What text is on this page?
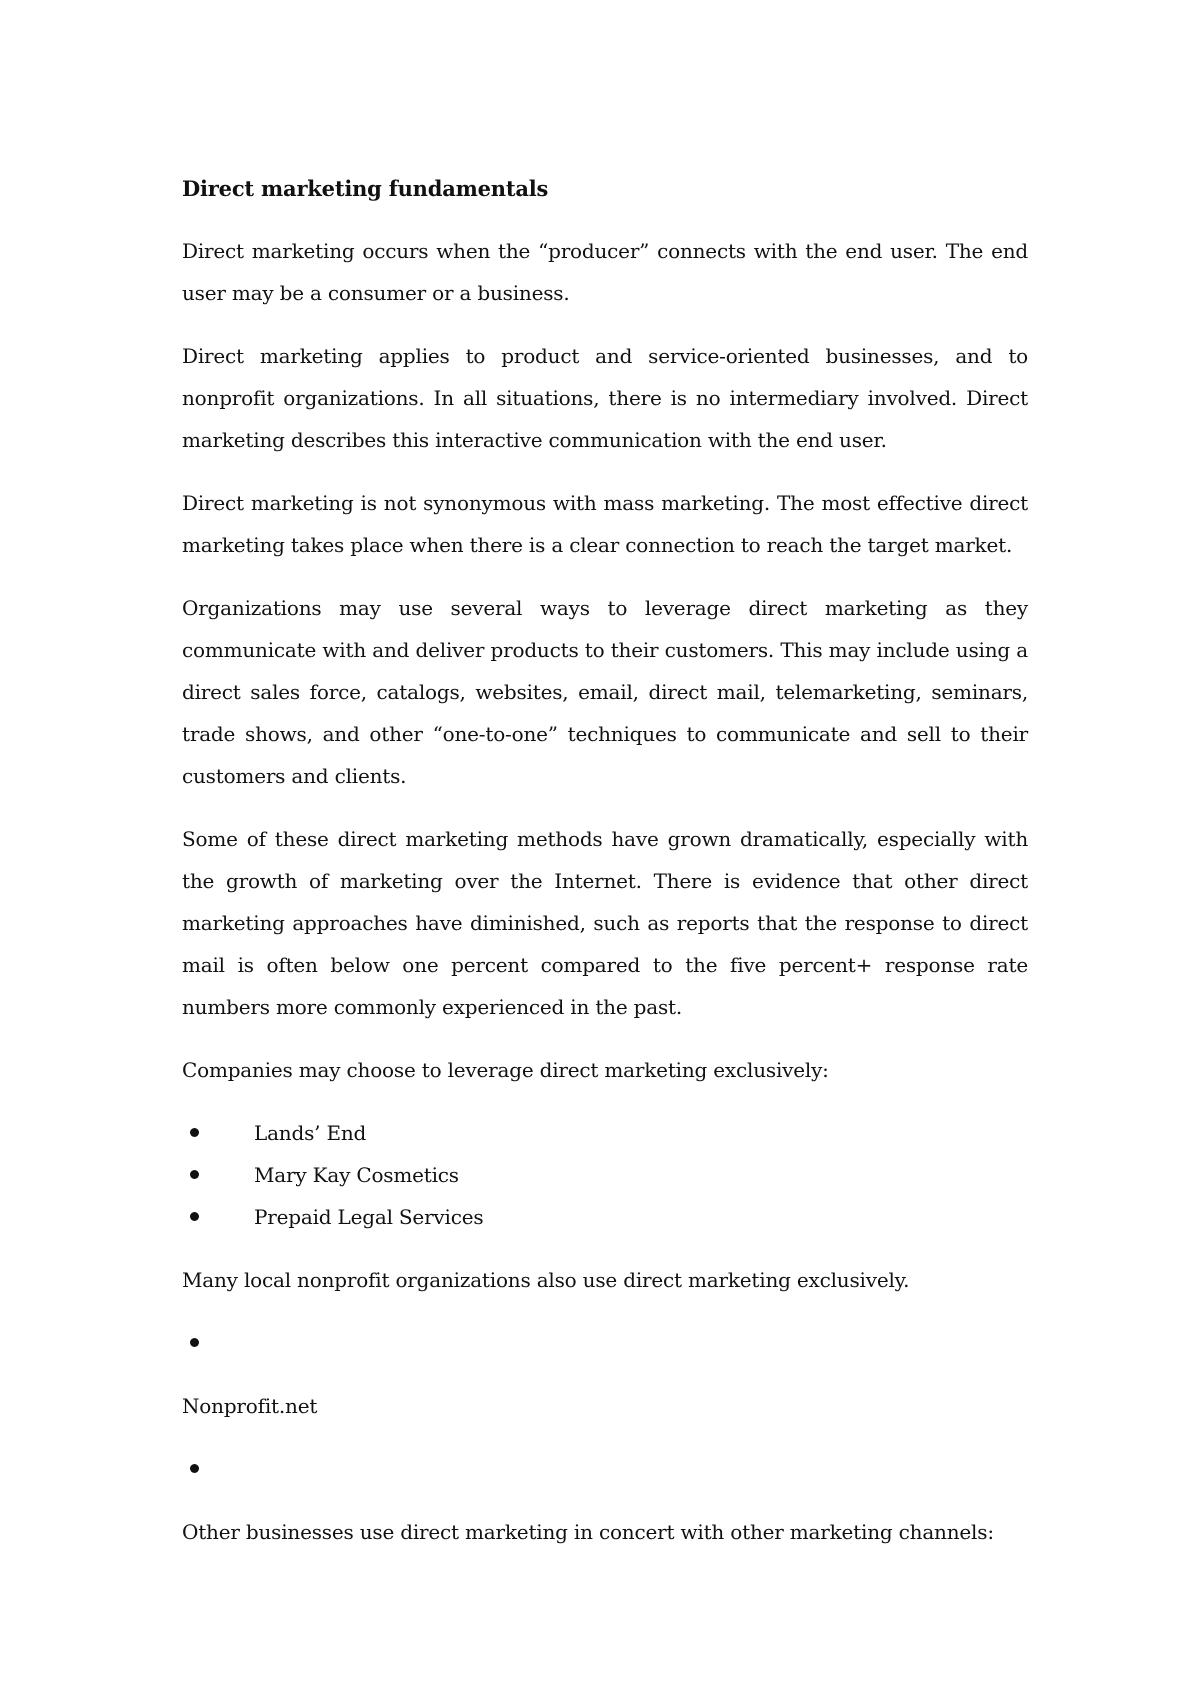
Direct marketing fundamentals

Direct marketing occurs when the “producer” connects with the end user. The end user may be a consumer or a business.

Direct marketing applies to product and service-oriented businesses, and to nonprofit organizations. In all situations, there is no intermediary involved. Direct marketing describes this interactive communication with the end user.

Direct marketing is not synonymous with mass marketing. The most effective direct marketing takes place when there is a clear connection to reach the target market.

Organizations may use several ways to leverage direct marketing as they communicate with and deliver products to their customers. This may include using a direct sales force, catalogs, websites, email, direct mail, telemarketing, seminars, trade shows, and other “one-to-one” techniques to communicate and sell to their customers and clients.

Some of these direct marketing methods have grown dramatically, especially with the growth of marketing over the Internet. There is evidence that other direct marketing approaches have diminished, such as reports that the response to direct mail is often below one percent compared to the five percent+ response rate numbers more commonly experienced in the past.

Companies may choose to leverage direct marketing exclusively:

Lands’ End
Mary Kay Cosmetics
Prepaid Legal Services

Many local nonprofit organizations also use direct marketing exclusively.

Nonprofit.net

Other businesses use direct marketing in concert with other marketing channels:
